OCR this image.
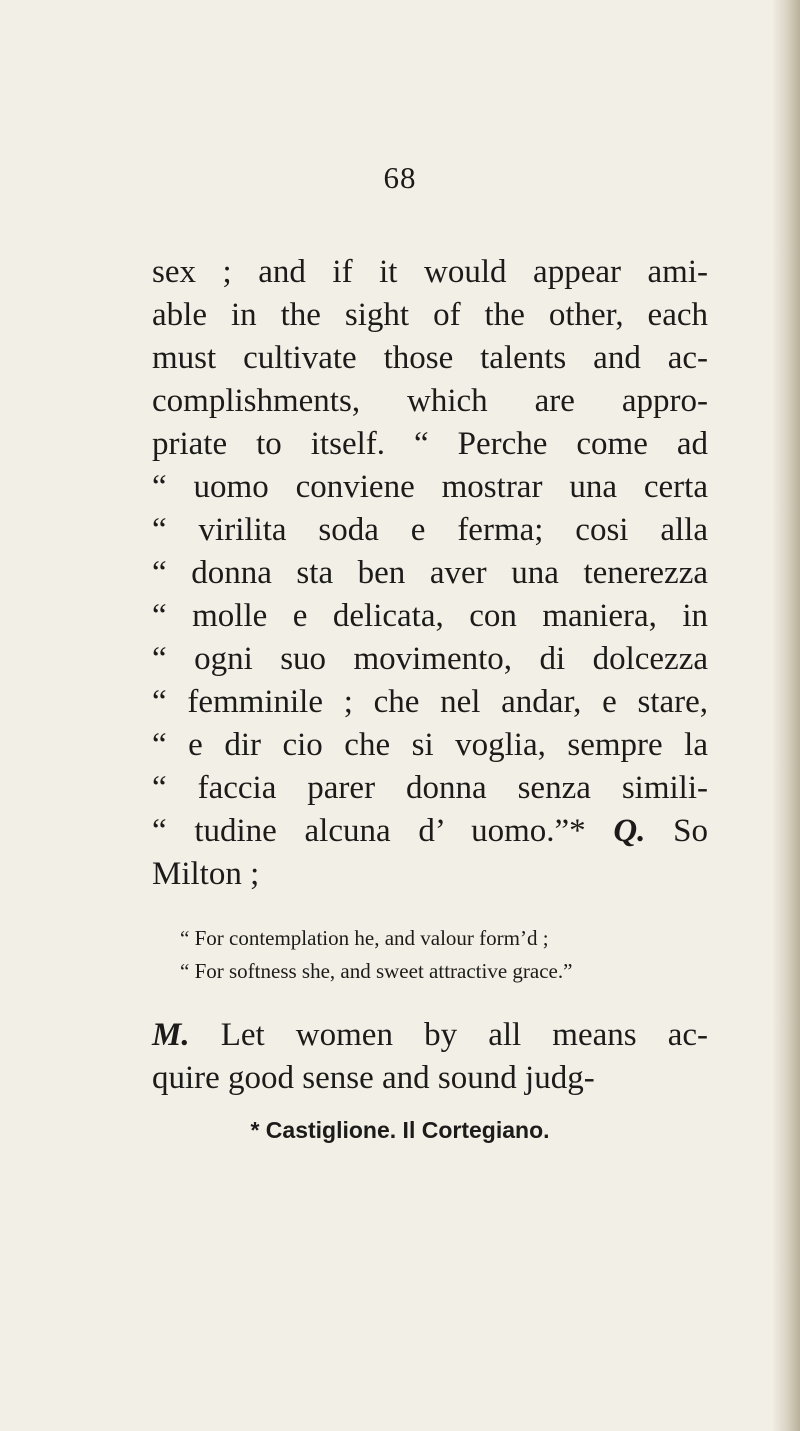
68
sex ; and if it would appear ami-
able in the sight of the other, each
must cultivate those talents and ac-
complishments, which are appro-
priate to itself. “ Perche come ad
“ uomo conviene mostrar una certa
“ virilita soda e ferma; cosi alla
“ donna sta ben aver una tenerezza
“ molle e delicata, con maniera, in
“ ogni suo movimento, di dolcezza
“ femminile ; che nel andar, e stare,
“ e dir cio che si voglia, sempre la
“ faccia parer donna senza simili-
“ tudine alcuna d’ uomo.”* Q. So
Milton ;
“ For contemplation he, and valour form’d ;
“ For softness she, and sweet attractive grace.”
M. Let women by all means ac-
quire good sense and sound judg-
* Castiglione. Il Cortegiano.
